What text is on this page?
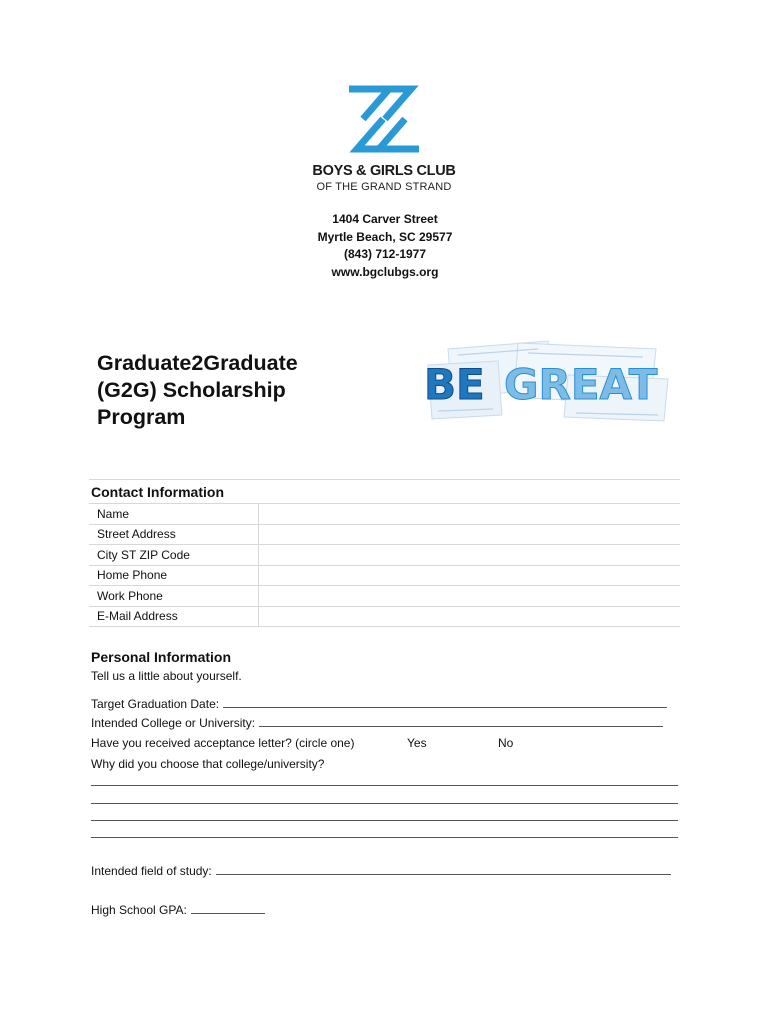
BOYS & GIRLS CLUB
OF THE GRAND STRAND
1404 Carver Street
Myrtle Beach, SC 29577
(843) 712-1977
www.bgclubgs.org
Graduate2Graduate
(G2G) Scholarship
Program
BE GREAT
Contact Information
Name	
Street Address	
City ST ZIP Code	
Home Phone	
Work Phone	
E-Mail Address	
Personal Information
Tell us a little about yourself.
Target Graduation Date:
Intended College or University:
Have you received acceptance letter? (circle one)	Yes	No
Why did you choose that college/university?
Intended field of study:
High School GPA:
